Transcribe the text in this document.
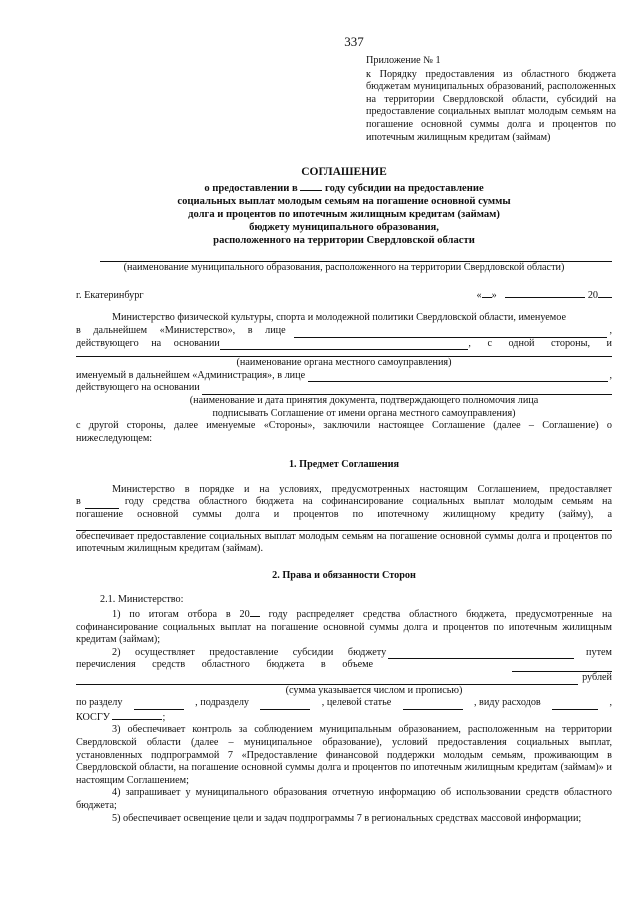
337
Приложение № 1
к Порядку предоставления из областного бюджета бюджетам муниципальных образований, расположенных на территории Свердловской области, субсидий на предоставление социальных выплат молодым семьям на погашение основной суммы долга и процентов по ипотечным жилищным кредитам (займам)
СОГЛАШЕНИЕ
о предоставлении в	году субсидии на предоставление
социальных выплат молодым семьям на погашение основной суммы
долга и процентов по ипотечным жилищным кредитам (займам)
бюджету муниципального образования,
расположенного на территории Свердловской области
(наименование муниципального образования, расположенного на территории Свердловской области)
г. Екатеринбург	« »	20
Министерство физической культуры, спорта и молодежной политики Свердловской области, именуемое
в дальнейшем «Министерство», в лице	,
действующего на основании	, с одной стороны, и
(наименование органа местного самоуправления)
именуемый в дальнейшем «Администрация», в лице	,
действующего на основании
(наименование и дата принятия документа, подтверждающего полномочия лица
подписывать Соглашение от имени органа местного самоуправления)
с другой стороны, далее именуемые «Стороны», заключили настоящее Соглашение (далее – Соглашение) о нижеследующем:
1. Предмет Соглашения
Министерство в порядке и на условиях, предусмотренных настоящим Соглашением, предоставляет
в	году средства областного бюджета на софинансирование социальных выплат молодым семьям на
погашение основной суммы долга и процентов по ипотечному жилищному кредиту (займу), а
обеспечивает предоставление социальных выплат молодым семьям на погашение основной суммы долга и процентов по ипотечным жилищным кредитам (займам).
2. Права и обязанности Сторон
2.1. Министерство:
1) по итогам отбора в 20 году распределяет средства областного бюджета, предусмотренные на софинансирование социальных выплат на погашение основной суммы долга и процентов по ипотечным жилищным кредитам (займам);
2) осуществляет предоставление субсидии бюджету	путем
перечисления средств областного бюджета в объеме
рублей
(сумма указывается числом и прописью)
по разделу	, подразделу	, целевой статье	, виду расходов	,
КОСГУ	;
3) обеспечивает контроль за соблюдением муниципальным образованием, расположенным на территории Свердловской области (далее – муниципальное образование), условий предоставления социальных выплат, установленных подпрограммой 7 «Предоставление финансовой поддержки молодым семьям, проживающим в Свердловской области, на погашение основной суммы долга и процентов по ипотечным жилищным кредитам (займам)» и настоящим Соглашением;
4) запрашивает у муниципального образования отчетную информацию об использовании средств областного бюджета;
5) обеспечивает освещение цели и задач подпрограммы 7 в региональных средствах массовой информации;
